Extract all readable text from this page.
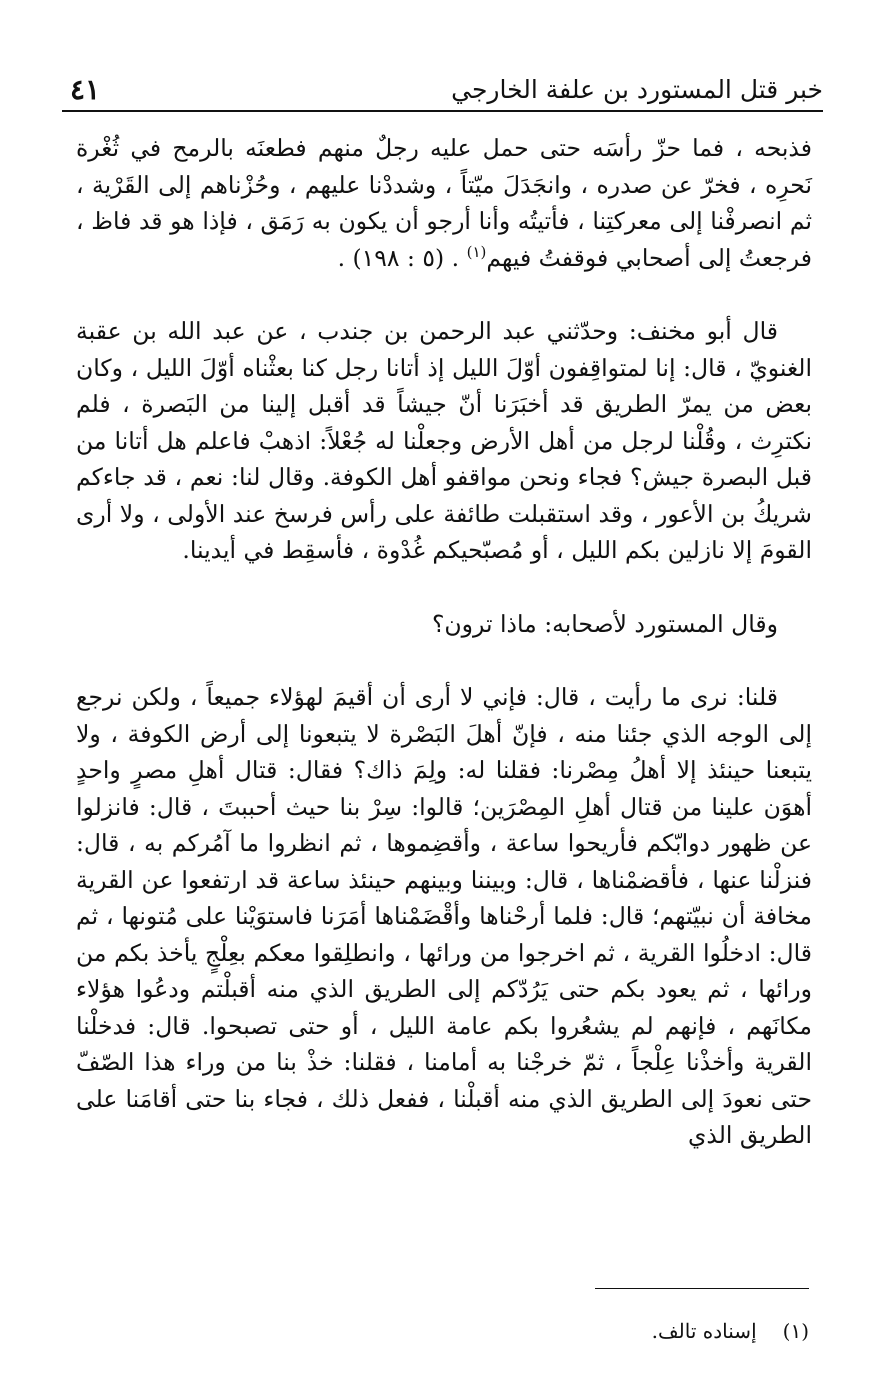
خبر قتل المستورد بن علفة الخارجي
٤١

فذبحه ، فما حزّ رأسَه حتى حمل عليه رجلٌ منهم فطعنَه بالرمح في ثُغْرة نَحرِه ، فخرّ عن صدره ، وانجَدَلَ ميّتاً ، وشددْنا عليهم ، وحُزْناهم إلى القَرْية ، ثم انصرفْنا إلى معركتِنا ، فأتيتُه وأنا أرجو أن يكون به رَمَق ، فإذا هو قد فاظ ، فرجعتُ إلى أصحابي فوقفتُ فيهم$^{(١)}$ . (٥ : ١٩٨) .

قال أبو مخنف: وحدّثني عبد الرحمن بن جندب ، عن عبد الله بن عقبة الغنويّ ، قال: إنا لمتواقِفون أوّلَ الليل إذ أتانا رجل كنا بعثْناه أوّلَ الليل ، وكان بعض من يمرّ الطريق قد أخبَرَنا أنّ جيشاً قد أقبل إلينا من البَصرة ، فلم نكترِث ، وقُلْنا لرجل من أهل الأرض وجعلْنا له جُعْلاً: اذهبْ فاعلم هل أتانا من قبل البصرة جيش؟ فجاء ونحن مواقفو أهل الكوفة. وقال لنا: نعم ، قد جاءكم شريكُ بن الأعور ، وقد استقبلت طائفة على رأس فرسخ عند الأولى ، ولا أرى القومَ إلا نازلين بكم الليل ، أو مُصبّحيكم غُدْوة ، فأسقِط في أيدينا.

وقال المستورد لأصحابه: ماذا ترون؟

قلنا: نرى ما رأيت ، قال: فإني لا أرى أن أقيمَ لهؤلاء جميعاً ، ولكن نرجع إلى الوجه الذي جئنا منه ، فإنّ أهلَ البَصْرة لا يتبعونا إلى أرض الكوفة ، ولا يتبعنا حينئذ إلا أهلُ مِصْرنا: فقلنا له: ولِمَ ذاك؟ فقال: قتال أهلِ مصرٍ واحدٍ أهوَن علينا من قتال أهلِ المِصْرَين؛ قالوا: سِرْ بنا حيث أحببتَ ، قال: فانزلوا عن ظهور دوابّكم فأريحوا ساعة ، وأقضِموها ، ثم انظروا ما آمُركم به ، قال: فنزلْنا عنها ، فأقضمْناها ، قال: وبيننا وبينهم حينئذ ساعة قد ارتفعوا عن القرية مخافة أن نبيّتهم؛ قال: فلما أرحْناها وأقْضَمْناها أمَرَنا فاستوَيْنا على مُتونها ، ثم قال: ادخلُوا القرية ، ثم اخرجوا من ورائها ، وانطلِقوا معكم بعِلْجٍ يأخذ بكم من ورائها ، ثم يعود بكم حتى يَرُدّكم إلى الطريق الذي منه أقبلْتم ودعُوا هؤلاء مكانَهم ، فإنهم لم يشعُروا بكم عامة الليل ، أو حتى تصبحوا. قال: فدخلْنا القرية وأخذْنا عِلْجاً ، ثمّ خرجْنا به أمامنا ، فقلنا: خذْ بنا من وراء هذا الصّفّ حتى نعودَ إلى الطريق الذي منه أقبلْنا ، ففعل ذلك ، فجاء بنا حتى أقامَنا على الطريق الذي

(١)
إسناده تالف.
